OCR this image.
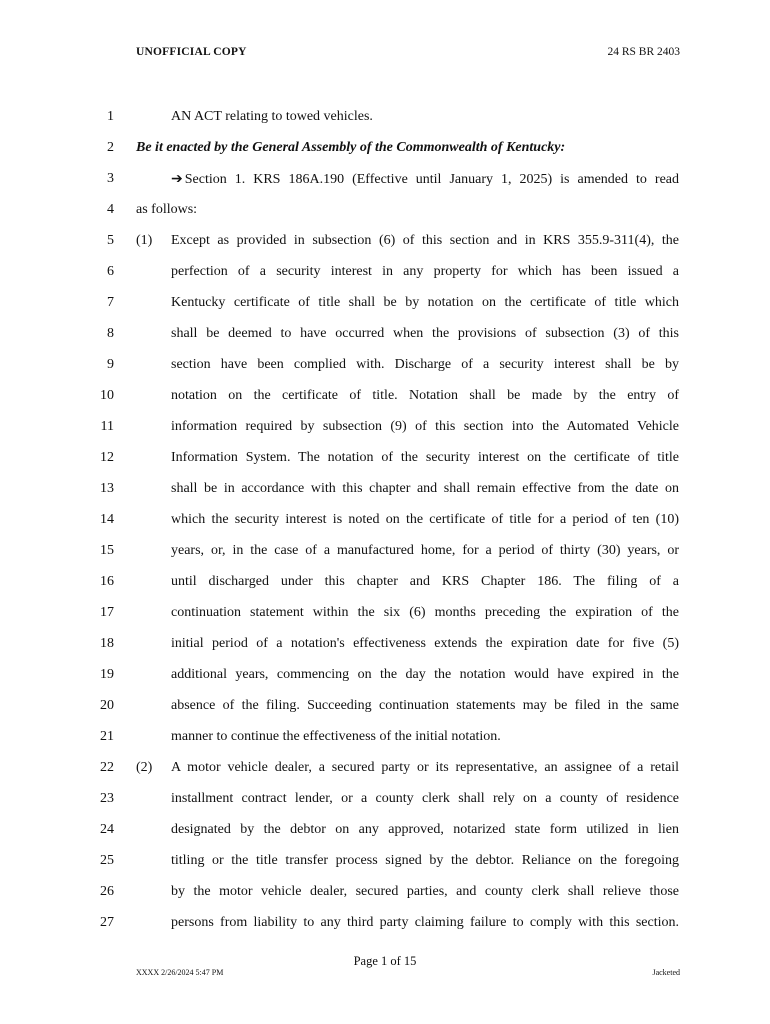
UNOFFICIAL COPY	24 RS BR 2403
1	AN ACT relating to towed vehicles.
2 Be it enacted by the General Assembly of the Commonwealth of Kentucky:
3	➔ Section 1. KRS 186A.190 (Effective until January 1, 2025) is amended to read
4 as follows:
5 (1) Except as provided in subsection (6) of this section and in KRS 355.9-311(4), the
6	perfection of a security interest in any property for which has been issued a
7	Kentucky certificate of title shall be by notation on the certificate of title which
8	shall be deemed to have occurred when the provisions of subsection (3) of this
9	section have been complied with. Discharge of a security interest shall be by
10	notation on the certificate of title. Notation shall be made by the entry of
11	information required by subsection (9) of this section into the Automated Vehicle
12	Information System. The notation of the security interest on the certificate of title
13	shall be in accordance with this chapter and shall remain effective from the date on
14	which the security interest is noted on the certificate of title for a period of ten (10)
15	years, or, in the case of a manufactured home, for a period of thirty (30) years, or
16	until discharged under this chapter and KRS Chapter 186. The filing of a
17	continuation statement within the six (6) months preceding the expiration of the
18	initial period of a notation's effectiveness extends the expiration date for five (5)
19	additional years, commencing on the day the notation would have expired in the
20	absence of the filing. Succeeding continuation statements may be filed in the same
21	manner to continue the effectiveness of the initial notation.
22 (2) A motor vehicle dealer, a secured party or its representative, an assignee of a retail
23	installment contract lender, or a county clerk shall rely on a county of residence
24	designated by the debtor on any approved, notarized state form utilized in lien
25	titling or the title transfer process signed by the debtor. Reliance on the foregoing
26	by the motor vehicle dealer, secured parties, and county clerk shall relieve those
27	persons from liability to any third party claiming failure to comply with this section.
Page 1 of 15
XXXX 2/26/2024 5:47 PM	Jacketed
